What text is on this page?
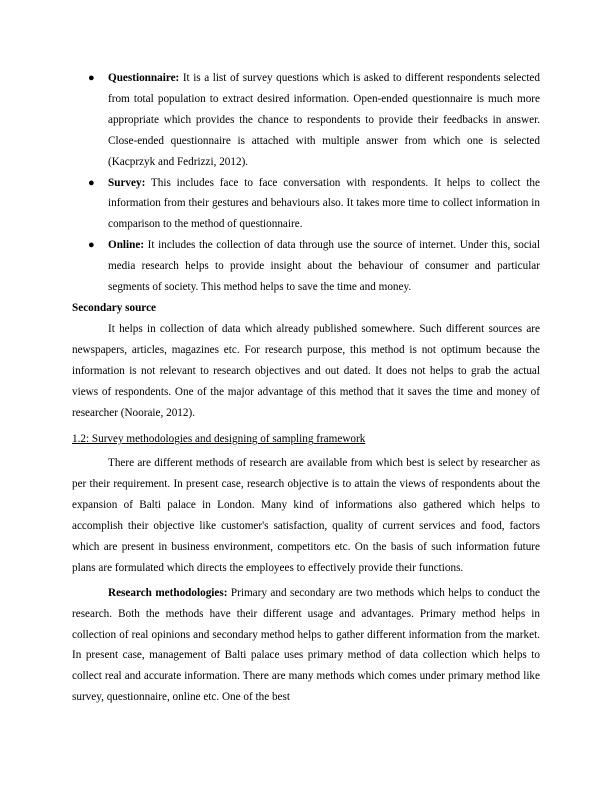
● Questionnaire: It is a list of survey questions which is asked to different respondents selected from total population to extract desired information. Open-ended questionnaire is much more appropriate which provides the chance to respondents to provide their feedbacks in answer. Close-ended questionnaire is attached with multiple answer from which one is selected (Kacprzyk and Fedrizzi, 2012).
● Survey: This includes face to face conversation with respondents. It helps to collect the information from their gestures and behaviours also. It takes more time to collect information in comparison to the method of questionnaire.
● Online: It includes the collection of data through use the source of internet. Under this, social media research helps to provide insight about the behaviour of consumer and particular segments of society. This method helps to save the time and money.

Secondary source

It helps in collection of data which already published somewhere. Such different sources are newspapers, articles, magazines etc. For research purpose, this method is not optimum because the information is not relevant to research objectives and out dated. It does not helps to grab the actual views of respondents. One of the major advantage of this method that it saves the time and money of researcher (Nooraie, 2012).

1.2: Survey methodologies and designing of sampling framework

There are different methods of research are available from which best is select by researcher as per their requirement. In present case, research objective is to attain the views of respondents about the expansion of Balti palace in London. Many kind of informations also gathered which helps to accomplish their objective like customer's satisfaction, quality of current services and food, factors which are present in business environment, competitors etc. On the basis of such information future plans are formulated which directs the employees to effectively provide their functions.

Research methodologies: Primary and secondary are two methods which helps to conduct the research. Both the methods have their different usage and advantages. Primary method helps in collection of real opinions and secondary method helps to gather different information from the market. In present case, management of Balti palace uses primary method of data collection which helps to collect real and accurate information. There are many methods which comes under primary method like survey, questionnaire, online etc. One of the best
